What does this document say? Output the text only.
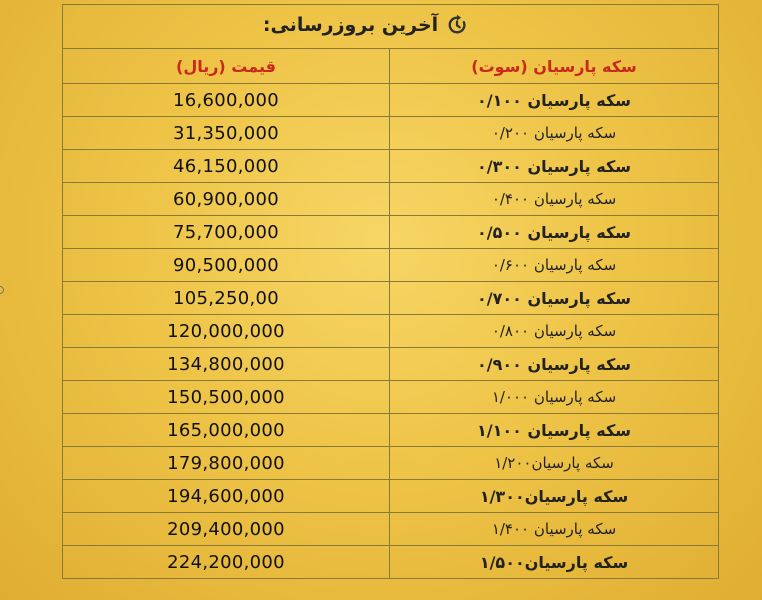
آخرین بروزرسانی:	

قیمت (ریال)	سکه پارسیان (سوت)
16,600,000	سکه پارسیان ۰/۱۰۰
31,350,000	سکه پارسیان ۰/۲۰۰
46,150,000	سکه پارسیان ۰/۳۰۰
60,900,000	سکه پارسیان ۰/۴۰۰
75,700,000	سکه پارسیان ۰/۵۰۰
90,500,000	سکه پارسیان ۰/۶۰۰
105,250,00	سکه پارسیان ۰/۷۰۰
120,000,000	سکه پارسیان ۰/۸۰۰
134,800,000	سکه پارسیان ۰/۹۰۰
150,500,000	سکه پارسیان ۱/۰۰۰
165,000,000	سکه پارسیان ۱/۱۰۰
179,800,000	سکه پارسیان۱/۲۰۰
194,600,000	سکه پارسیان۱/۳۰۰
209,400,000	سکه پارسیان ۱/۴۰۰
224,200,000	سکه پارسیان۱/۵۰۰
